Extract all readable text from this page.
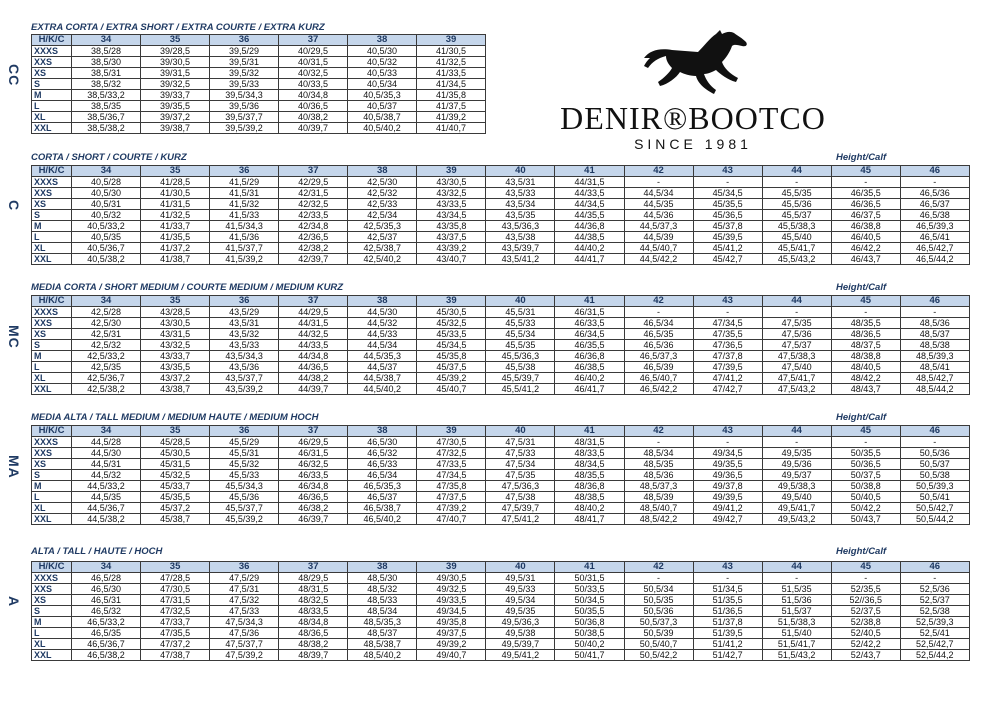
DENIR®BOOTCO
SINCE 1981
EXTRA CORTA / EXTRA SHORT / EXTRA COURTE / EXTRA KURZ
H/K/C	34	35	36	37	38	39
XXXS	38,5/28	39/28,5	39,5/29	40/29,5	40,5/30	41/30,5
XXS	38,5/30	39/30,5	39,5/31	40/31,5	40,5/32	41/32,5
XS	38,5/31	39/31,5	39,5/32	40/32,5	40,5/33	41/33,5
S	38,5/32	39/32,5	39,5/33	40/33,5	40,5/34	41/34,5
M	38,5/33,2	39/33,7	39,5/34,3	40/34,8	40,5/35,3	41/35,8
L	38,5/35	39/35,5	39,5/36	40/36,5	40,5/37	41/37,5
XL	38,5/36,7	39/37,2	39,5/37,7	40/38,2	40,5/38,7	41/39,2
XXL	38,5/38,2	39/38,7	39,5/39,2	40/39,7	40,5/40,2	41/40,7
CC
CORTA / SHORT / COURTE / KURZ	Height/Calf
H/K/C	34	35	36	37	38	39	40	41	42	43	44	45	46
XXXS	40,5/28	41/28,5	41,5/29	42/29,5	42,5/30	43/30,5	43,5/31	44/31,5	-	-	-	-	-
XXS	40,5/30	41/30,5	41,5/31	42/31,5	42,5/32	43/32,5	43,5/33	44/33,5	44,5/34	45/34,5	45,5/35	46/35,5	46,5/36
XS	40,5/31	41/31,5	41,5/32	42/32,5	42,5/33	43/33,5	43,5/34	44/34,5	44,5/35	45/35,5	45,5/36	46/36,5	46,5/37
S	40,5/32	41/32,5	41,5/33	42/33,5	42,5/34	43/34,5	43,5/35	44/35,5	44,5/36	45/36,5	45,5/37	46/37,5	46,5/38
M	40,5/33,2	41/33,7	41,5/34,3	42/34,8	42,5/35,3	43/35,8	43,5/36,3	44/36,8	44,5/37,3	45/37,8	45,5/38,3	46/38,8	46,5/39,3
L	40,5/35	41/35,5	41,5/36	42/36,5	42,5/37	43/37,5	43,5/38	44/38,5	44,5/39	45/39,5	45,5/40	46/40,5	46,5/41
XL	40,5/36,7	41/37,2	41,5/37,7	42/38,2	42,5/38,7	43/39,2	43,5/39,7	44/40,2	44,5/40,7	45/41,2	45,5/41,7	46/42,2	46,5/42,7
XXL	40,5/38,2	41/38,7	41,5/39,2	42/39,7	42,5/40,2	43/40,7	43,5/41,2	44/41,7	44,5/42,2	45/42,7	45,5/43,2	46/43,7	46,5/44,2
C
MEDIA CORTA / SHORT MEDIUM / COURTE MEDIUM / MEDIUM KURZ	Height/Calf
H/K/C	34	35	36	37	38	39	40	41	42	43	44	45	46
XXXS	42,5/28	43/28,5	43,5/29	44/29,5	44,5/30	45/30,5	45,5/31	46/31,5	-	-	-	-	-
XXS	42,5/30	43/30,5	43,5/31	44/31,5	44,5/32	45/32,5	45,5/33	46/33,5	46,5/34	47/34,5	47,5/35	48/35,5	48,5/36
XS	42,5/31	43/31,5	43,5/32	44/32,5	44,5/33	45/33,5	45,5/34	46/34,5	46,5/35	47/35,5	47,5/36	48/36,5	48,5/37
S	42,5/32	43/32,5	43,5/33	44/33,5	44,5/34	45/34,5	45,5/35	46/35,5	46,5/36	47/36,5	47,5/37	48/37,5	48,5/38
M	42,5/33,2	43/33,7	43,5/34,3	44/34,8	44,5/35,3	45/35,8	45,5/36,3	46/36,8	46,5/37,3	47/37,8	47,5/38,3	48/38,8	48,5/39,3
L	42,5/35	43/35,5	43,5/36	44/36,5	44,5/37	45/37,5	45,5/38	46/38,5	46,5/39	47/39,5	47,5/40	48/40,5	48,5/41
XL	42,5/36,7	43/37,2	43,5/37,7	44/38,2	44,5/38,7	45/39,2	45,5/39,7	46/40,2	46,5/40,7	47/41,2	47,5/41,7	48/42,2	48,5/42,7
XXL	42,5/38,2	43/38,7	43,5/39,2	44/39,7	44,5/40,2	45/40,7	45,5/41,2	46/41,7	46,5/42,2	47/42,7	47,5/43,2	48/43,7	48,5/44,2
MC
MEDIA ALTA / TALL MEDIUM / MEDIUM HAUTE / MEDIUM HOCH	Height/Calf
H/K/C	34	35	36	37	38	39	40	41	42	43	44	45	46
XXXS	44,5/28	45/28,5	45,5/29	46/29,5	46,5/30	47/30,5	47,5/31	48/31,5	-	-	-	-	-
XXS	44,5/30	45/30,5	45,5/31	46/31,5	46,5/32	47/32,5	47,5/33	48/33,5	48,5/34	49/34,5	49,5/35	50/35,5	50,5/36
XS	44,5/31	45/31,5	45,5/32	46/32,5	46,5/33	47/33,5	47,5/34	48/34,5	48,5/35	49/35,5	49,5/36	50/36,5	50,5/37
S	44,5/32	45/32,5	45,5/33	46/33,5	46,5/34	47/34,5	47,5/35	48/35,5	48,5/36	49/36,5	49,5/37	50/37,5	50,5/38
M	44,5/33,2	45/33,7	45,5/34,3	46/34,8	46,5/35,3	47/35,8	47,5/36,3	48/36,8	48,5/37,3	49/37,8	49,5/38,3	50/38,8	50,5/39,3
L	44,5/35	45/35,5	45,5/36	46/36,5	46,5/37	47/37,5	47,5/38	48/38,5	48,5/39	49/39,5	49,5/40	50/40,5	50,5/41
XL	44,5/36,7	45/37,2	45,5/37,7	46/38,2	46,5/38,7	47/39,2	47,5/39,7	48/40,2	48,5/40,7	49/41,2	49,5/41,7	50/42,2	50,5/42,7
XXL	44,5/38,2	45/38,7	45,5/39,2	46/39,7	46,5/40,2	47/40,7	47,5/41,2	48/41,7	48,5/42,2	49/42,7	49,5/43,2	50/43,7	50,5/44,2
MA
ALTA / TALL / HAUTE / HOCH	Height/Calf
H/K/C	34	35	36	37	38	39	40	41	42	43	44	45	46
XXXS	46,5/28	47/28,5	47,5/29	48/29,5	48,5/30	49/30,5	49,5/31	50/31,5	-	-	-	-	-
XXS	46,5/30	47/30,5	47,5/31	48/31,5	48,5/32	49/32,5	49,5/33	50/33,5	50,5/34	51/34,5	51,5/35	52/35,5	52,5/36
XS	46,5/31	47/31,5	47,5/32	48/32,5	48,5/33	49/33,5	49,5/34	50/34,5	50,5/35	51/35,5	51,5/36	52//36,5	52,5/37
S	46,5/32	47/32,5	47,5/33	48/33,5	48,5/34	49/34,5	49,5/35	50/35,5	50,5/36	51/36,5	51,5/37	52/37,5	52,5/38
M	46,5/33,2	47/33,7	47,5/34,3	48/34,8	48,5/35,3	49/35,8	49,5/36,3	50/36,8	50,5/37,3	51/37,8	51,5/38,3	52/38,8	52,5/39,3
L	46,5/35	47/35,5	47,5/36	48/36,5	48,5/37	49/37,5	49,5/38	50/38,5	50,5/39	51/39,5	51,5/40	52/40,5	52,5/41
XL	46,5/36,7	47/37,2	47,5/37,7	48/38,2	48,5/38,7	49/39,2	49,5/39,7	50/40,2	50,5/40,7	51/41,2	51,5/41,7	52/42,2	52,5/42,7
XXL	46,5/38,2	47/38,7	47,5/39,2	48/39,7	48,5/40,2	49/40,7	49,5/41,2	50/41,7	50,5/42,2	51/42,7	51,5/43,2	52/43,7	52,5/44,2
A
